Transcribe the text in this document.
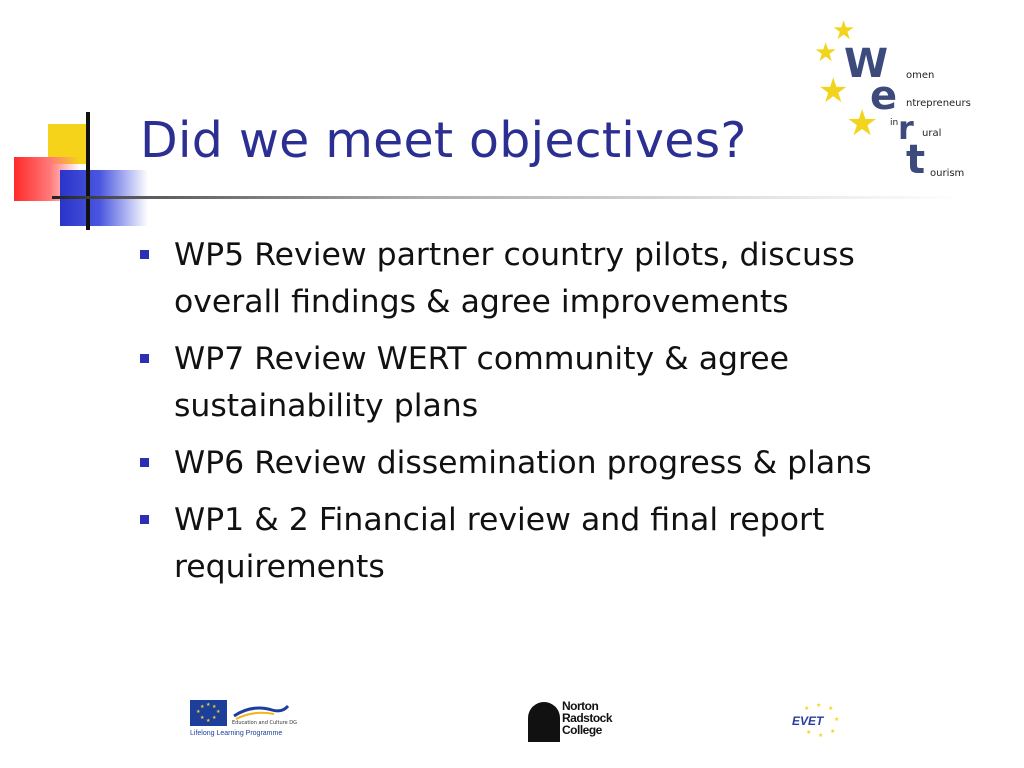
Did we meet objectives?
★
★
★
★
W omen
e ntrepreneurs
in r ural
t ourism
WP5 Review partner country pilots, discuss overall findings & agree improvements
WP7 Review WERT community & agree sustainability plans
WP6 Review dissemination progress & plans
WP1 & 2 Financial review and final report requirements
★ ★
★
★
★
★
★
★
Education and Culture DG
Lifelong Learning Programme
Norton
Radstock
College
★ ★
★
★
★
★
★
EVET
